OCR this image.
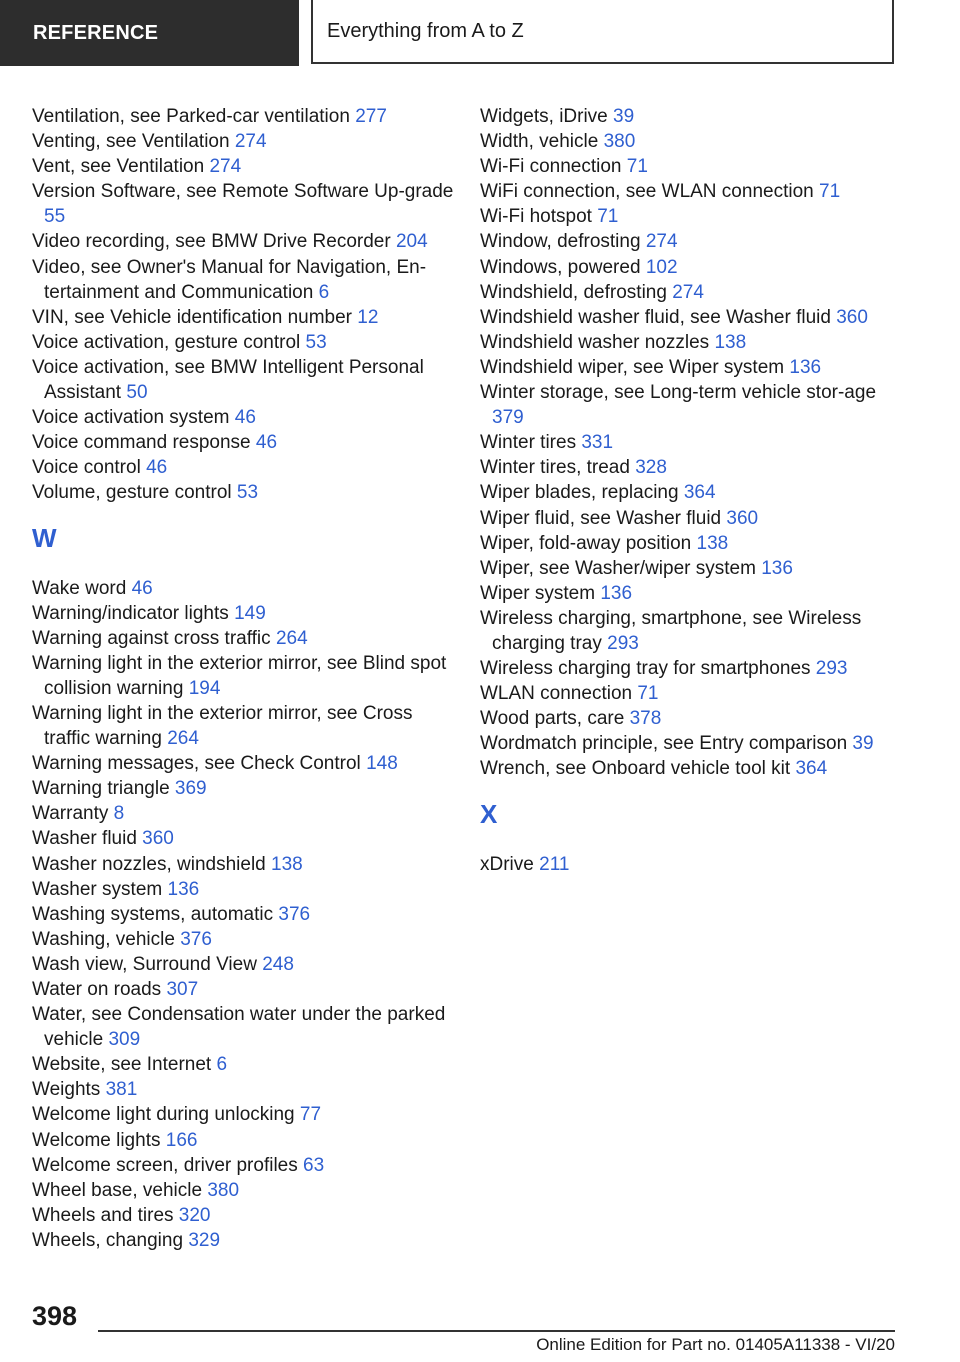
REFERENCE	Everything from A to Z

Ventilation, see Parked-car ventilation 277

Venting, see Ventilation 274

Vent, see Ventilation 274

Version Software, see Remote Software Up-grade 55

Video recording, see BMW Drive Recorder 204

Video, see Owner's Manual for Navigation, En-tertainment and Communication 6

VIN, see Vehicle identification number 12

Voice activation, gesture control 53

Voice activation, see BMW Intelligent Personal Assistant 50

Voice activation system 46

Voice command response 46

Voice control 46

Volume, gesture control 53

W

Wake word 46

Warning/indicator lights 149

Warning against cross traffic 264

Warning light in the exterior mirror, see Blind spot collision warning 194

Warning light in the exterior mirror, see Cross traffic warning 264

Warning messages, see Check Control 148

Warning triangle 369

Warranty 8

Washer fluid 360

Washer nozzles, windshield 138

Washer system 136

Washing systems, automatic 376

Washing, vehicle 376

Wash view, Surround View 248

Water on roads 307

Water, see Condensation water under the parked vehicle 309

Website, see Internet 6

Weights 381

Welcome light during unlocking 77

Welcome lights 166

Welcome screen, driver profiles 63

Wheel base, vehicle 380

Wheels and tires 320

Wheels, changing 329

Widgets, iDrive 39

Width, vehicle 380

Wi-Fi connection 71

WiFi connection, see WLAN connection 71

Wi-Fi hotspot 71

Window, defrosting 274

Windows, powered 102

Windshield, defrosting 274

Windshield washer fluid, see Washer fluid 360

Windshield washer nozzles 138

Windshield wiper, see Wiper system 136

Winter storage, see Long-term vehicle stor-age 379

Winter tires 331

Winter tires, tread 328

Wiper blades, replacing 364

Wiper fluid, see Washer fluid 360

Wiper, fold-away position 138

Wiper, see Washer/wiper system 136

Wiper system 136

Wireless charging, smartphone, see Wireless charging tray 293

Wireless charging tray for smartphones 293

WLAN connection 71

Wood parts, care 378

Wordmatch principle, see Entry comparison 39

Wrench, see Onboard vehicle tool kit 364

X

xDrive 211

398
Online Edition for Part no. 01405A11338 - VI/20
